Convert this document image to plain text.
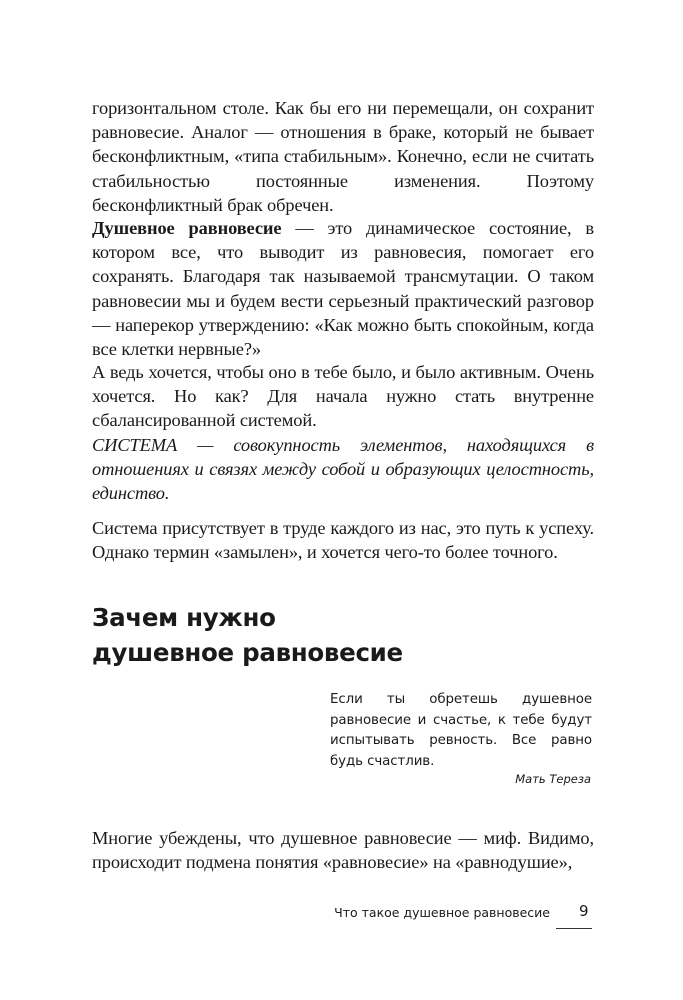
горизонтальном столе. Как бы его ни перемещали, он сохранит равновесие. Аналог — отношения в браке, который не бывает бесконфликтным, «типа стабильным». Конечно, если не считать стабильностью постоянные изменения. Поэтому бесконфликтный брак обречен.

Душевное равновесие — это динамическое состояние, в котором все, что выводит из равновесия, помогает его сохранять. Благодаря так называемой трансмутации. О таком равновесии мы и будем вести серьезный практический разговор — наперекор утверждению: «Как можно быть спокойным, когда все клетки нервные?»

А ведь хочется, чтобы оно в тебе было, и было активным. Очень хочется. Но как? Для начала нужно стать внутренне сбалансированной системой.

СИСТЕМА — совокупность элементов, находящихся в отношениях и связях между собой и образующих целостность, единство.

Система присутствует в труде каждого из нас, это путь к успеху. Однако термин «замылен», и хочется чего-то более точного.

Зачем нужно
душевное равновесие

Если ты обретешь душевное равновесие и счастье, к тебе будут испытывать ревность. Все равно будь счастлив.

Мать Тереза

Многие убеждены, что душевное равновесие — миф. Видимо, происходит подмена понятия «равновесие» на «равнодушие»,

Что такое душевное равновесие 9
